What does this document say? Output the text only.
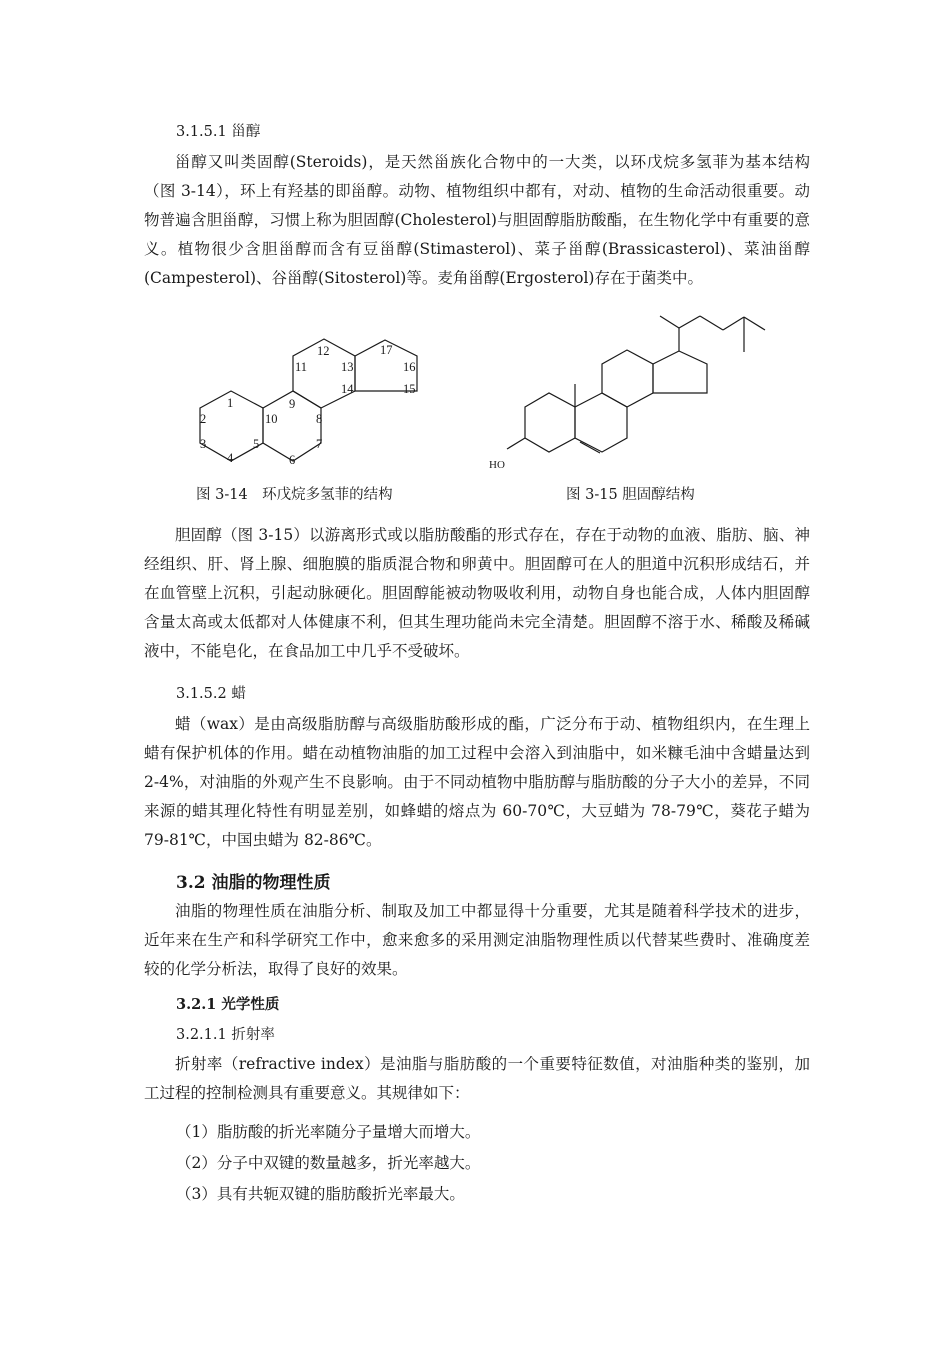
3.1.5.1 甾醇
甾醇又叫类固醇(Steroids)，是天然甾族化合物中的一大类，以环戊烷多氢菲为基本结构（图 3-14），环上有羟基的即甾醇。动物、植物组织中都有，对动、植物的生命活动很重要。动物普遍含胆甾醇，习惯上称为胆固醇(Cholesterol)与胆固醇脂肪酸酯，在生物化学中有重要的意义。植物很少含胆甾醇而含有豆甾醇(Stimasterol)、菜子甾醇(Brassicasterol)、菜油甾醇(Campesterol)、谷甾醇(Sitosterol)等。麦角甾醇(Ergosterol)存在于菌类中。
1
2
3
4
5
6
7
8
9
10
11
12
13
14	15
16
17
HO
图 3-14　环戊烷多氢菲的结构	图 3-15 胆固醇结构
胆固醇（图 3-15）以游离形式或以脂肪酸酯的形式存在，存在于动物的血液、脂肪、脑、神经组织、肝、肾上腺、细胞膜的脂质混合物和卵黄中。胆固醇可在人的胆道中沉积形成结石，并在血管壁上沉积，引起动脉硬化。胆固醇能被动物吸收利用，动物自身也能合成，人体内胆固醇含量太高或太低都对人体健康不利，但其生理功能尚未完全清楚。胆固醇不溶于水、稀酸及稀碱液中，不能皂化，在食品加工中几乎不受破坏。
3.1.5.2 蜡
蜡（wax）是由高级脂肪醇与高级脂肪酸形成的酯，广泛分布于动、植物组织内，在生理上蜡有保护机体的作用。蜡在动植物油脂的加工过程中会溶入到油脂中，如米糠毛油中含蜡量达到 2-4%，对油脂的外观产生不良影响。由于不同动植物中脂肪醇与脂肪酸的分子大小的差异，不同来源的蜡其理化特性有明显差别，如蜂蜡的熔点为 60-70℃，大豆蜡为 78-79℃，葵花子蜡为 79-81℃，中国虫蜡为 82-86℃。
3.2 油脂的物理性质
油脂的物理性质在油脂分析、制取及加工中都显得十分重要，尤其是随着科学技术的进步，近年来在生产和科学研究工作中，愈来愈多的采用测定油脂物理性质以代替某些费时、准确度差较的化学分析法，取得了良好的效果。
3.2.1 光学性质
3.2.1.1 折射率
折射率（refractive index）是油脂与脂肪酸的一个重要特征数值，对油脂种类的鉴别，加工过程的控制检测具有重要意义。其规律如下：
（1）脂肪酸的折光率随分子量增大而增大。
（2）分子中双键的数量越多，折光率越大。
（3）具有共轭双键的脂肪酸折光率最大。
